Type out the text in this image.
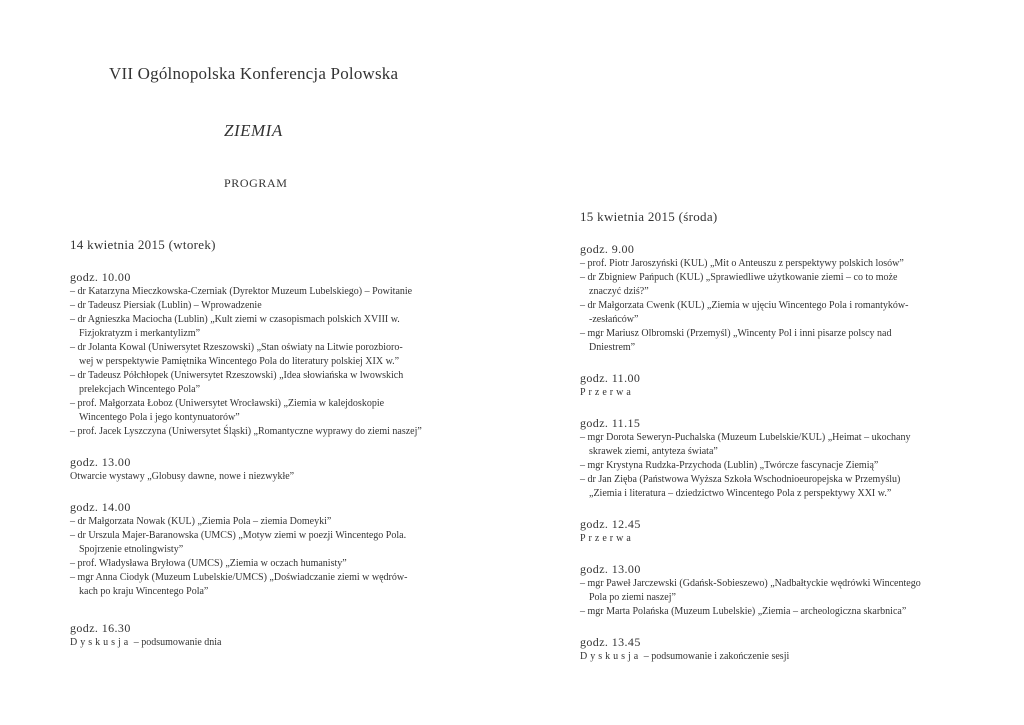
VII Ogólnopolska Konferencja Polowska
ZIEMIA
PROGRAM
14 kwietnia 2015 (wtorek)
godz. 10.00
– dr Katarzyna Mieczkowska-Czerniak (Dyrektor Muzeum Lubelskiego) – Powitanie
– dr Tadeusz Piersiak (Lublin) – Wprowadzenie
– dr Agnieszka Maciocha (Lublin) „Kult ziemi w czasopismach polskich XVIII w.
Fizjokratyzm i merkantylizm”
– dr Jolanta Kowal (Uniwersytet Rzeszowski) „Stan oświaty na Litwie porozbioro-
wej w perspektywie Pamiętnika Wincentego Pola do literatury polskiej XIX w.”
– dr Tadeusz Półchłopek (Uniwersytet Rzeszowski) „Idea słowiańska w lwowskich
prelekcjach Wincentego Pola”
– prof. Małgorzata Łoboz (Uniwersytet Wrocławski) „Ziemia w kalejdoskopie
Wincentego Pola i jego kontynuatorów”
– prof. Jacek Lyszczyna (Uniwersytet Śląski) „Romantyczne wyprawy do ziemi naszej”
godz. 13.00
Otwarcie wystawy „Globusy dawne, nowe i niezwykłe”
godz. 14.00
– dr Małgorzata Nowak (KUL) „Ziemia Pola – ziemia Domeyki”
– dr Urszula Majer-Baranowska (UMCS) „Motyw ziemi w poezji Wincentego Pola.
Spojrzenie etnolingwisty”
– prof. Władysława Bryłowa (UMCS) „Ziemia w oczach humanisty”
– mgr Anna Ciodyk (Muzeum Lubelskie/UMCS) „Doświadczanie ziemi w wędrów-
kach po kraju Wincentego Pola”
godz. 16.30
Dyskusja – podsumowanie dnia
15 kwietnia 2015 (środa)
godz. 9.00
– prof. Piotr Jaroszyński (KUL) „Mit o Anteuszu z perspektywy polskich losów”
– dr Zbigniew Pańpuch (KUL) „Sprawiedliwe użytkowanie ziemi – co to może
znaczyć dziś?”
– dr Małgorzata Cwenk (KUL) „Ziemia w ujęciu Wincentego Pola i romantyków-
-zesłańców”
– mgr Mariusz Olbromski (Przemyśl) „Wincenty Pol i inni pisarze polscy nad
Dniestrem”
godz. 11.00
Przerwa
godz. 11.15
– mgr Dorota Seweryn-Puchalska (Muzeum Lubelskie/KUL) „Heimat – ukochany
skrawek ziemi, antyteza świata”
– mgr Krystyna Rudzka-Przychoda (Lublin) „Twórcze fascynacje Ziemią”
– dr Jan Zięba (Państwowa Wyższa Szkoła Wschodnioeuropejska w Przemyślu)
„Ziemia i literatura – dziedzictwo Wincentego Pola z perspektywy XXI w.”
godz. 12.45
Przerwa
godz. 13.00
– mgr Paweł Jarczewski (Gdańsk-Sobieszewo) „Nadbałtyckie wędrówki Wincentego
Pola po ziemi naszej”
– mgr Marta Polańska (Muzeum Lubelskie) „Ziemia – archeologiczna skarbnica”
godz. 13.45
Dyskusja – podsumowanie i zakończenie sesji
